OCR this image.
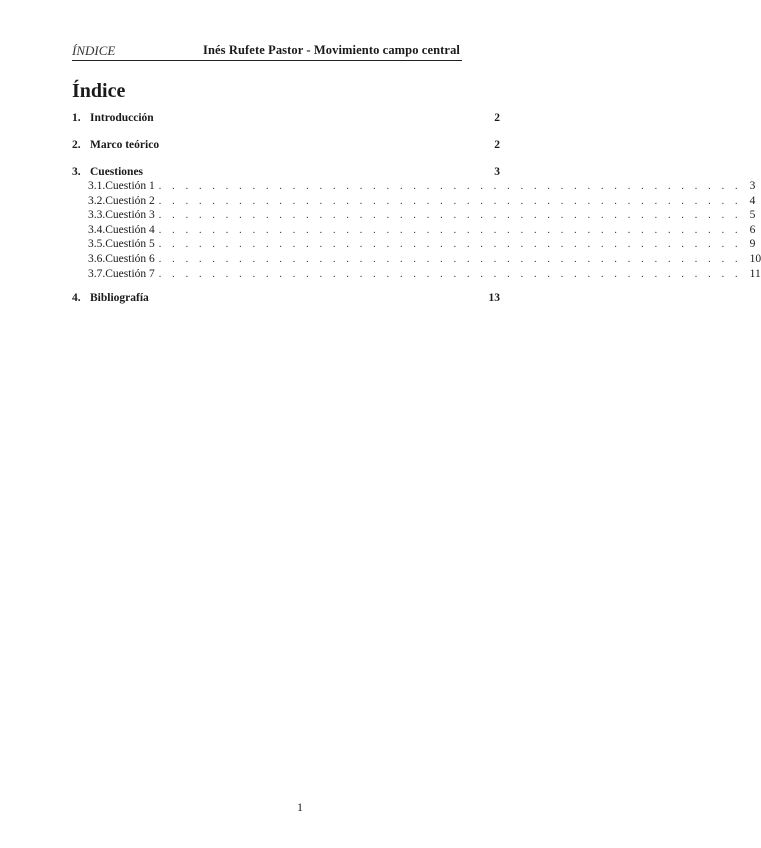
ÍNDICE	Inés Rufete Pastor - Movimiento campo central
Índice
1. Introducción	2
2. Marco teórico	2
3. Cuestiones	3
3.1. Cuestión 1 . . . . . . . . . . . . . . . . . . . . . . . . . . . . . . . . . . . . . . . . . . . . 3
3.2. Cuestión 2 . . . . . . . . . . . . . . . . . . . . . . . . . . . . . . . . . . . . . . . . . . . . 4
3.3. Cuestión 3 . . . . . . . . . . . . . . . . . . . . . . . . . . . . . . . . . . . . . . . . . . . . 5
3.4. Cuestión 4 . . . . . . . . . . . . . . . . . . . . . . . . . . . . . . . . . . . . . . . . . . . . 6
3.5. Cuestión 5 . . . . . . . . . . . . . . . . . . . . . . . . . . . . . . . . . . . . . . . . . . . . 9
3.6. Cuestión 6 . . . . . . . . . . . . . . . . . . . . . . . . . . . . . . . . . . . . . . . . . . . . 10
3.7. Cuestión 7 . . . . . . . . . . . . . . . . . . . . . . . . . . . . . . . . . . . . . . . . . . . . 11
4. Bibliografía	13
1
